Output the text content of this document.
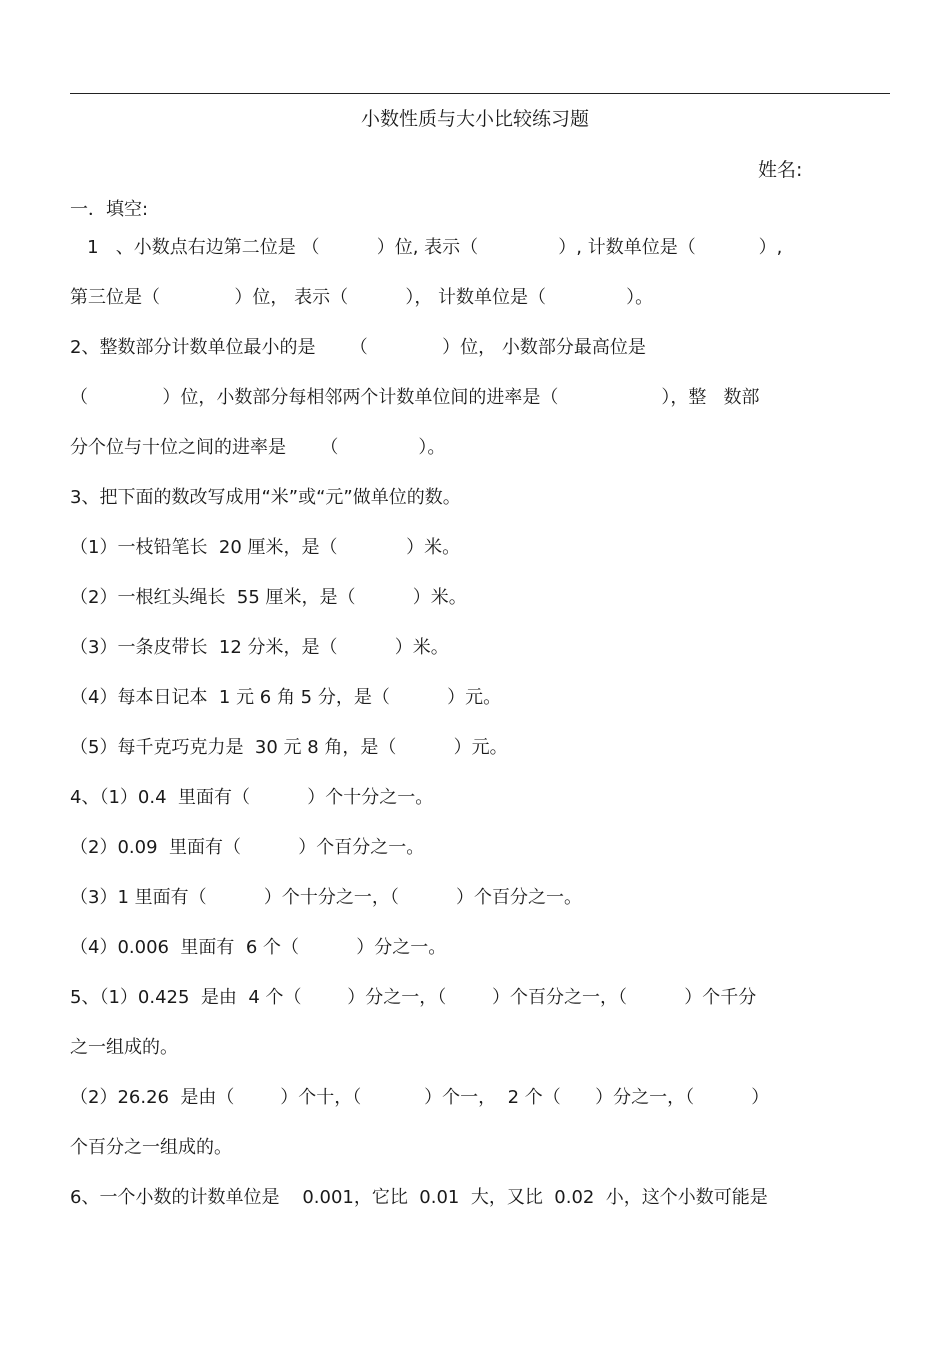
小数性质与大小比较练习题
姓名:
一．填空:
1   、小数点右边第二位是 （          ）位, 表示（              ）, 计数单位是（           ）,
第三位是（             ）位， 表示（          ）， 计数单位是（              ）。
2、整数部分计数单位最小的是      （             ）位， 小数部分最高位是
（             ）位，小数部分每相邻两个计数单位间的进率是（                  ），整   数部
分个位与十位之间的进率是      （              ）。
3、把下面的数改写成用“米”或“元”做单位的数。
（1）一枝铅笔长  20 厘米，是（            ）米。
（2）一根红头绳长  55 厘米，是（          ）米。
（3）一条皮带长  12 分米，是（          ）米。
（4）每本日记本  1 元 6 角 5 分，是（          ）元。
（5）每千克巧克力是  30 元 8 角，是（          ）元。
4、（1）0.4  里面有（          ）个十分之一。
（2）0.09  里面有（          ）个百分之一。
（3）1 里面有（          ）个十分之一，（          ）个百分之一。
（4）0.006  里面有  6 个（          ）分之一。
5、（1）0.425  是由  4 个（        ）分之一，（        ）个百分之一，（          ）个千分
之一组成的。
（2）26.26  是由（        ）个十，（           ）个一，  2 个（      ）分之一，（          ）
个百分之一组成的。
6、一个小数的计数单位是    0.001，它比  0.01  大，又比  0.02  小，这个小数可能是
